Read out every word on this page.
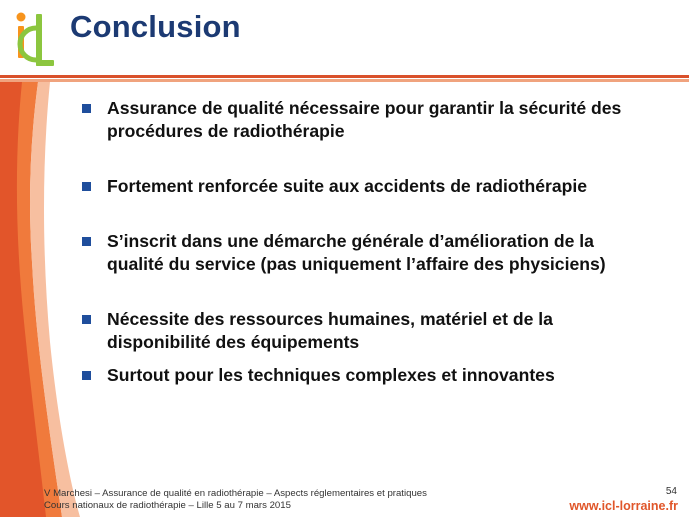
Conclusion
Assurance de qualité nécessaire pour garantir la sécurité des
procédures de radiothérapie
Fortement renforcée suite aux accidents de radiothérapie
S’inscrit dans une démarche générale d’amélioration de la
qualité du service (pas uniquement l’affaire des physiciens)
Nécessite des ressources humaines, matériel et de la
disponibilité des équipements
Surtout pour les techniques complexes et innovantes
V Marchesi – Assurance de qualité en radiothérapie – Aspects réglementaires et pratiques
Cours nationaux de radiothérapie – Lille 5 au 7 mars 2015
54
www.icl-lorraine.fr
